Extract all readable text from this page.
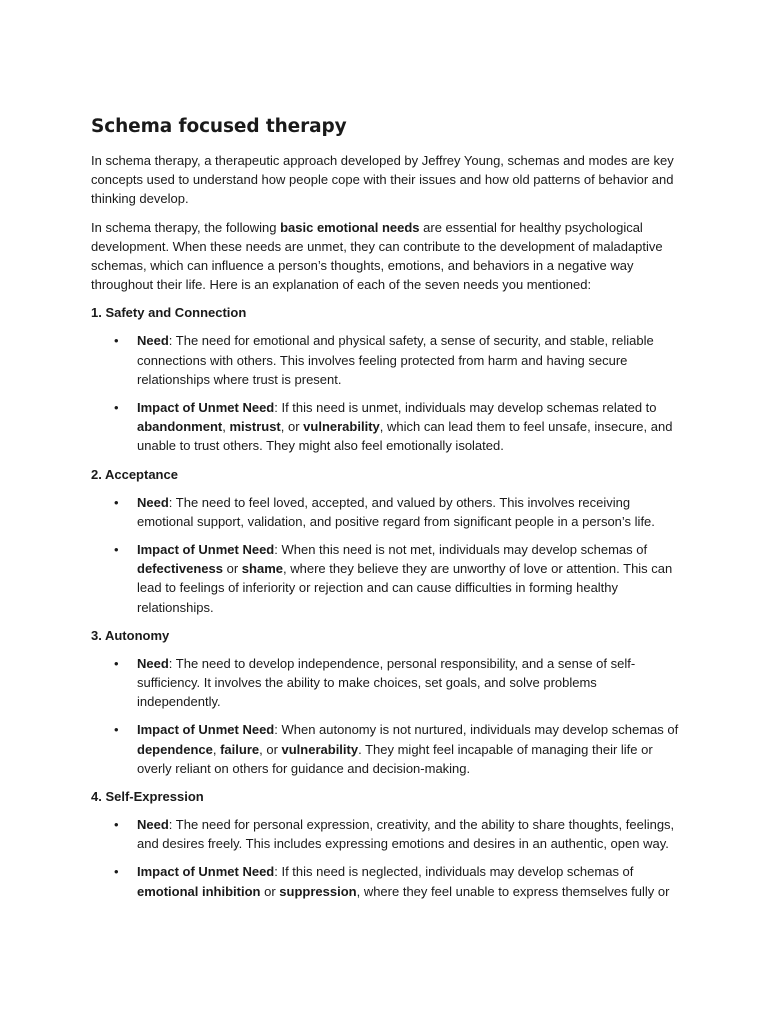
Schema focused therapy

In schema therapy, a therapeutic approach developed by Jeffrey Young, schemas and modes are key concepts used to understand how people cope with their issues and how old patterns of behavior and thinking develop.

In schema therapy, the following basic emotional needs are essential for healthy psychological development. When these needs are unmet, they can contribute to the development of maladaptive schemas, which can influence a person’s thoughts, emotions, and behaviors in a negative way throughout their life. Here is an explanation of each of the seven needs you mentioned:

1. Safety and Connection
• Need: The need for emotional and physical safety, a sense of security, and stable, reliable connections with others. This involves feeling protected from harm and having secure relationships where trust is present.
• Impact of Unmet Need: If this need is unmet, individuals may develop schemas related to abandonment, mistrust, or vulnerability, which can lead them to feel unsafe, insecure, and unable to trust others. They might also feel emotionally isolated.
2. Acceptance
• Need: The need to feel loved, accepted, and valued by others. This involves receiving emotional support, validation, and positive regard from significant people in a person’s life.
• Impact of Unmet Need: When this need is not met, individuals may develop schemas of defectiveness or shame, where they believe they are unworthy of love or attention. This can lead to feelings of inferiority or rejection and can cause difficulties in forming healthy relationships.
3. Autonomy
• Need: The need to develop independence, personal responsibility, and a sense of self-sufficiency. It involves the ability to make choices, set goals, and solve problems independently.
• Impact of Unmet Need: When autonomy is not nurtured, individuals may develop schemas of dependence, failure, or vulnerability. They might feel incapable of managing their life or overly reliant on others for guidance and decision-making.
4. Self-Expression
• Need: The need for personal expression, creativity, and the ability to share thoughts, feelings, and desires freely. This includes expressing emotions and desires in an authentic, open way.
• Impact of Unmet Need: If this need is neglected, individuals may develop schemas of emotional inhibition or suppression, where they feel unable to express themselves fully or
